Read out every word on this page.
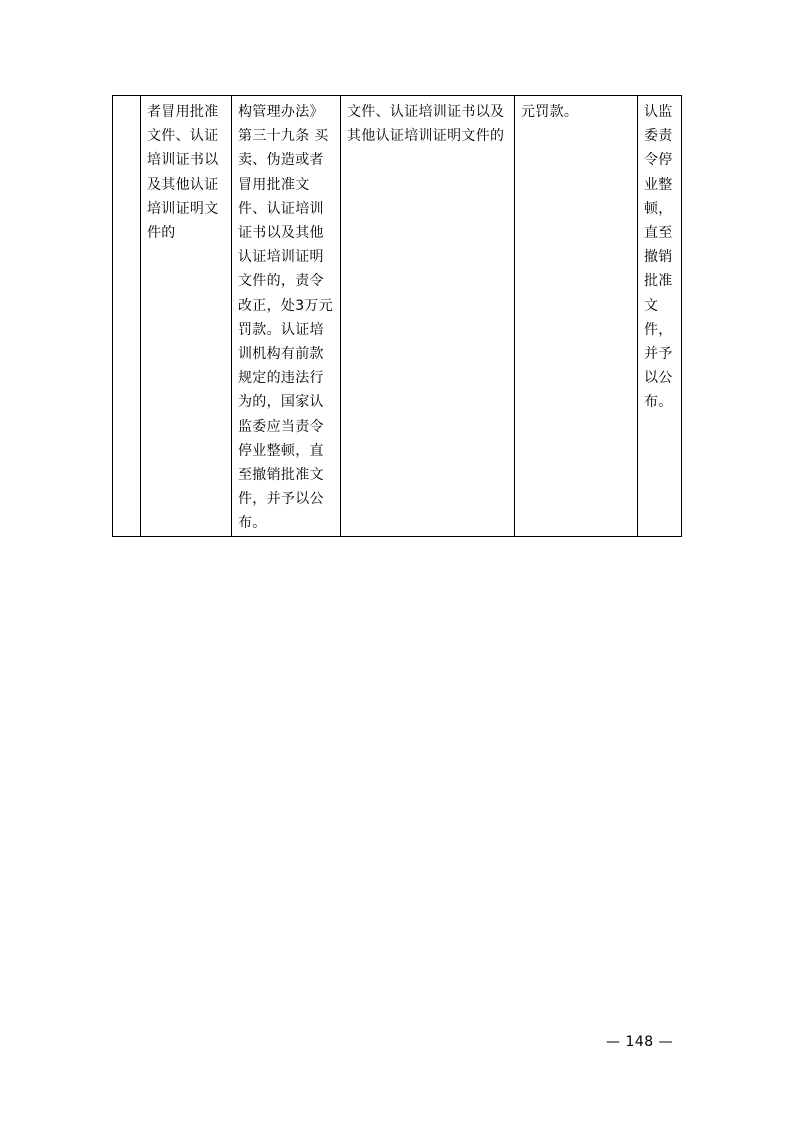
	者冒用批准文件、认证培训证书以及其他认证培训证明文件的	构管理办法》第三十九条 买卖、伪造或者冒用批准文件、认证培训证书以及其他认证培训证明文件的，责令改正，处3万元罚款。认证培训机构有前款规定的违法行为的，国家认监委应当责令停业整顿，直至撤销批准文件，并予以公布。	文件、认证培训证书以及其他认证培训证明文件的	元罚款。	认监委责令停业整顿，直至撤销批准文件，并予以公布。
— 148 —
